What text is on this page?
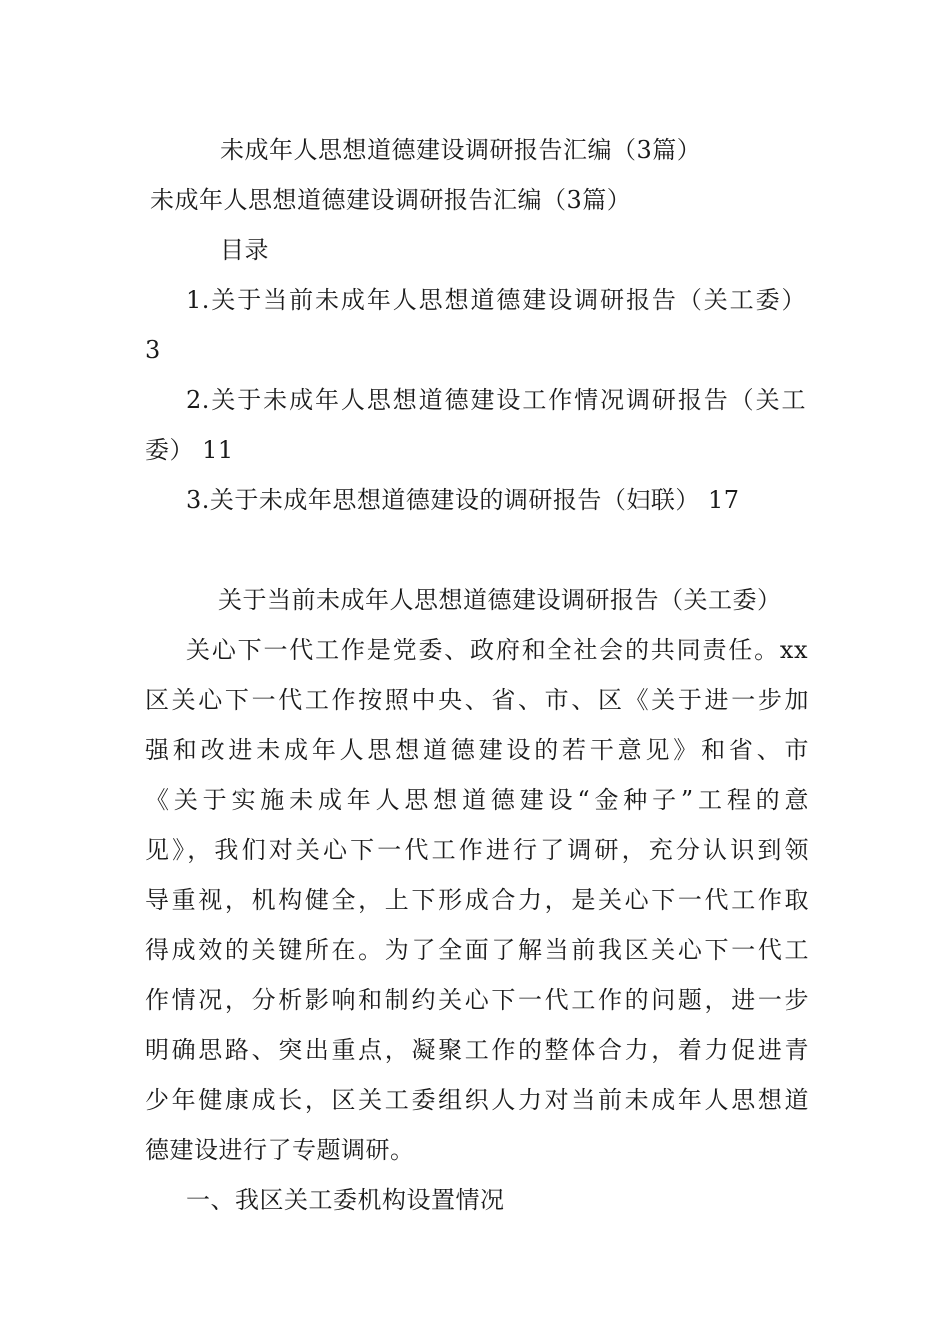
未成年人思想道德建设调研报告汇编（3篇）
未成年人思想道德建设调研报告汇编（3篇）
目录
1.关于当前未成年人思想道德建设调研报告（关工委）
3
2.关于未成年人思想道德建设工作情况调研报告（关工
委） 11
3.关于未成年思想道德建设的调研报告（妇联） 17
关于当前未成年人思想道德建设调研报告（关工委）
关心下一代工作是党委、政府和全社会的共同责任。xx
区关心下一代工作按照中央、省、市、区《关于进一步加
强和改进未成年人思想道德建设的若干意见》和省、市
《关于实施未成年人思想道德建设“金种子”工程的意
见》，我们对关心下一代工作进行了调研，充分认识到领
导重视，机构健全，上下形成合力，是关心下一代工作取
得成效的关键所在。为了全面了解当前我区关心下一代工
作情况，分析影响和制约关心下一代工作的问题，进一步
明确思路、突出重点，凝聚工作的整体合力，着力促进青
少年健康成长，区关工委组织人力对当前未成年人思想道
德建设进行了专题调研。
一、我区关工委机构设置情况
